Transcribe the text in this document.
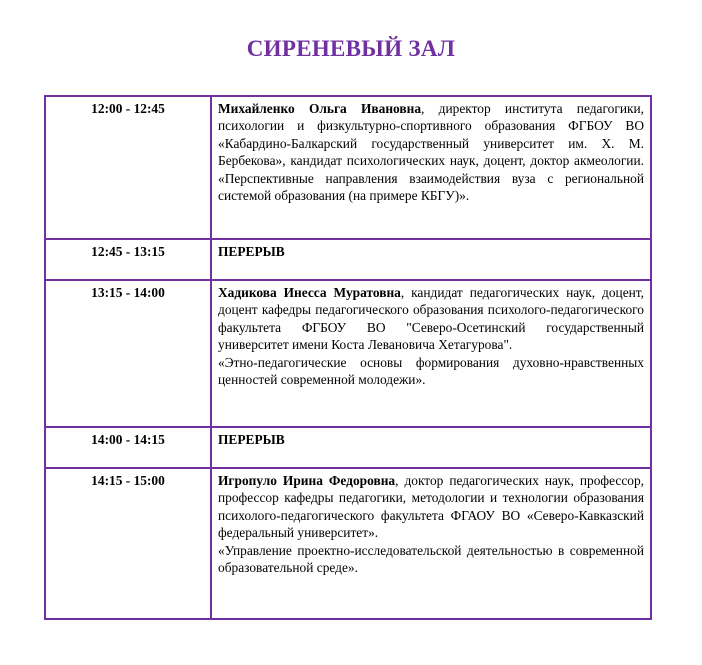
СИРЕНЕВЫЙ ЗАЛ
12:00 - 12:45	Михайленко Ольга Ивановна, директор института педагогики, психологии и физкультурно-спортивного образования ФГБОУ ВО «Кабардино-Балкарский государственный университет им. Х. М. Бербекова», кандидат психологических наук, доцент, доктор акмеологии. «Перспективные направления взаимодействия вуза с региональной системой образования (на примере КБГУ)».
12:45 - 13:15	ПЕРЕРЫВ
13:15 - 14:00	Хадикова Инесса Муратовна, кандидат педагогических наук, доцент, доцент кафедры педагогического образования психолого-педагогического факультета ФГБОУ ВО "Северо-Осетинский государственный университет имени Коста Левановича Хетагурова".
«Этно-педагогические основы формирования духовно-нравственных ценностей современной молодежи».
14:00 - 14:15	ПЕРЕРЫВ
14:15 - 15:00	Игропуло Ирина Федоровна, доктор педагогических наук, профессор, профессор кафедры педагогики, методологии и технологии образования психолого-педагогического факультета ФГАОУ ВО «Северо-Кавказский федеральный университет».
«Управление проектно-исследовательской деятельностью в современной образовательной среде».
